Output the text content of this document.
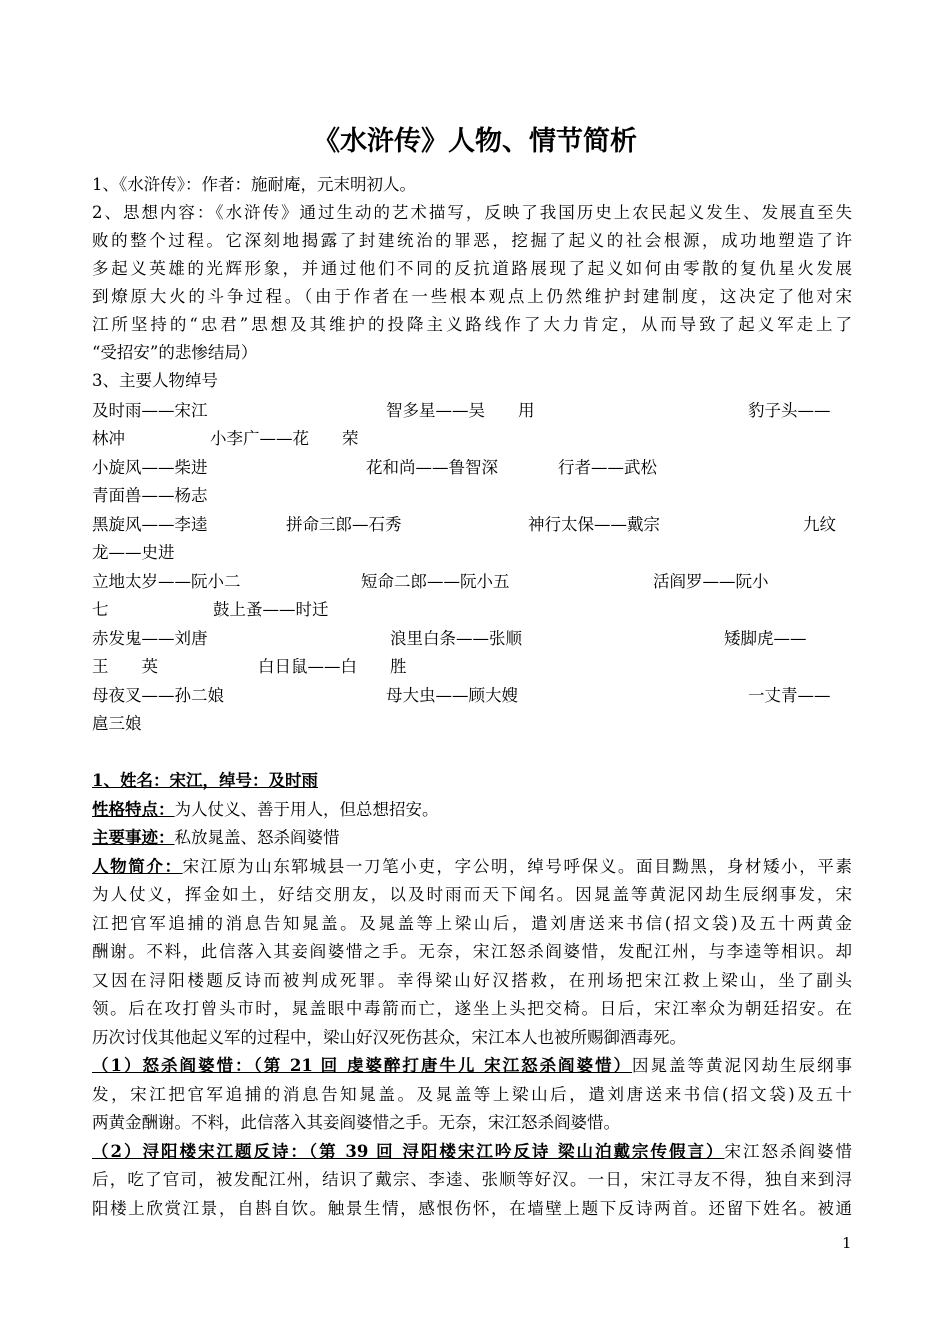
《水浒传》人物、情节简析
1、《水浒传》：作者：施耐庵，元末明初人。
2、思想内容：《水浒传》通过生动的艺术描写，反映了我国历史上农民起义发生、发展直至失
败的整个过程。它深刻地揭露了封建统治的罪恶，挖掘了起义的社会根源，成功地塑造了许
多起义英雄的光辉形象，并通过他们不同的反抗道路展现了起义如何由零散的复仇星火发展
到燎原大火的斗争过程。（由于作者在一些根本观点上仍然维护封建制度，这决定了他对宋
江所坚持的“忠君”思想及其维护的投降主义路线作了大力肯定，从而导致了起义军走上了
“受招安”的悲惨结局）
3、主要人物绰号
及时雨——宋江	智多星——吴　　用	豹子头——
林冲	小李广——花　　荣
小旋风——柴进	花和尚——鲁智深	行者——武松
青面兽——杨志
黑旋风——李逵	拼命三郎—石秀	神行太保——戴宗	九纹
龙——史进
立地太岁——阮小二	短命二郎——阮小五	活阎罗——阮小
七	鼓上蚤——时迁
赤发鬼——刘唐	浪里白条——张顺	矮脚虎——
王　　英	白日鼠——白　　胜
母夜叉——孙二娘	母大虫——顾大嫂	一丈青——
扈三娘
1、姓名：宋江，绰号：及时雨
性格特点：为人仗义、善于用人，但总想招安。
主要事迹：私放晁盖、怒杀阎婆惜
人物简介：宋江原为山东郓城县一刀笔小吏，字公明，绰号呼保义。面目黝黑，身材矮小，平素
为人仗义，挥金如土，好结交朋友，以及时雨而天下闻名。因晁盖等黄泥冈劫生辰纲事发，宋
江把官军追捕的消息告知晁盖。及晁盖等上梁山后，遣刘唐送来书信(招文袋)及五十两黄金
酬谢。不料，此信落入其妾阎婆惜之手。无奈，宋江怒杀阎婆惜，发配江州，与李逵等相识。却
又因在浔阳楼题反诗而被判成死罪。幸得梁山好汉搭救，在刑场把宋江救上梁山，坐了副头
领。后在攻打曾头市时，晁盖眼中毒箭而亡，遂坐上头把交椅。日后，宋江率众为朝廷招安。在
历次讨伐其他起义军的过程中，梁山好汉死伤甚众，宋江本人也被所赐御酒毒死。
（1）怒杀阎婆惜：（第 21 回 虔婆醉打唐牛儿 宋江怒杀阎婆惜）因晁盖等黄泥冈劫生辰纲事
发，宋江把官军追捕的消息告知晁盖。及晁盖等上梁山后，遣刘唐送来书信(招文袋)及五十
两黄金酬谢。不料，此信落入其妾阎婆惜之手。无奈，宋江怒杀阎婆惜。
（2）浔阳楼宋江题反诗：（第 39 回 浔阳楼宋江吟反诗 梁山泊戴宗传假言）宋江怒杀阎婆惜
后，吃了官司，被发配江州，结识了戴宗、李逵、张顺等好汉。一日，宋江寻友不得，独自来到浔
阳楼上欣赏江景，自斟自饮。触景生情，感恨伤怀，在墙壁上题下反诗两首。还留下姓名。被通
1
